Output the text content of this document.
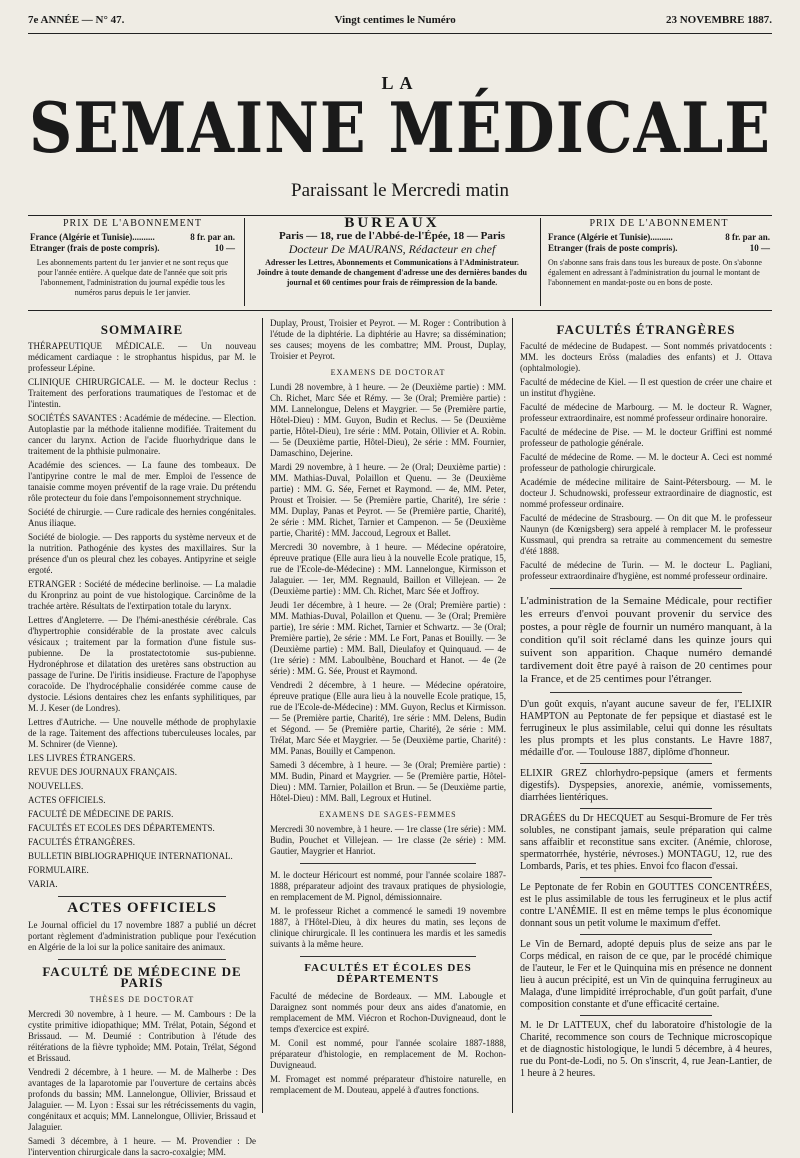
7e ANNÉE — N° 47.	Vingt centimes le Numéro	23 NOVEMBRE 1887.
LA
SEMAINE MÉDICALE
Paraissant le Mercredi matin
PRIX DE L'ABONNEMENT
France (Algérie et Tunisie)..........	8 fr. par an.
Etranger (frais de poste compris).	10 —
Les abonnements partent du 1er janvier et ne sont reçus que pour l'année entière. A quelque date de l'année que soit pris l'abonnement, l'administration du journal expédie tous les numéros parus depuis le 1er janvier.
BUREAUX
Paris — 18, rue de l'Abbé-de-l'Épée, 18 — Paris
Docteur De MAURANS, Rédacteur en chef
Adresser les Lettres, Abonnements et Communications à l'Administrateur.
Joindre à toute demande de changement d'adresse une des dernières bandes du journal et 60 centimes pour frais de réimpression de la bande.
PRIX DE L'ABONNEMENT
France (Algérie et Tunisie)..........	8 fr. par an.
Etranger (frais de poste compris).	10 —
On s'abonne sans frais dans tous les bureaux de poste. On s'abonne également en adressant à l'administration du journal le montant de l'abonnement en mandat-poste ou en bons de poste.
SOMMAIRE

THÉRAPEUTIQUE MÉDICALE. — Un nouveau médicament cardiaque : le strophantus hispidus, par M. le professeur Lépine.

CLINIQUE CHIRURGICALE. — M. le docteur Reclus : Traitement des perforations traumatiques de l'estomac et de l'intestin.

SOCIÉTÉS SAVANTES : Académie de médecine. — Election. Autoplastie par la méthode italienne modifiée. Traitement du cancer du larynx. Action de l'acide fluorhydrique dans le traitement de la phthisie pulmonaire.

Académie des sciences. — La faune des tombeaux. De l'antipyrine contre le mal de mer. Emploi de l'essence de tanaisie comme moyen préventif de la rage vraie. Du prétendu rôle protecteur du foie dans l'empoisonnement strychnique.

Société de chirurgie. — Cure radicale des hernies congénitales. Anus iliaque.

Société de biologie. — Des rapports du système nerveux et de la nutrition. Pathogénie des kystes des maxillaires. Sur la présence d'un os pleural chez les cobayes. Antipyrine et seigle ergoté.

ETRANGER : Société de médecine berlinoise. — La maladie du Kronprinz au point de vue histologique. Carcinôme de la trachée artère. Résultats de l'extirpation totale du larynx.

Lettres d'Angleterre. — De l'hémi-anesthésie cérébrale. Cas d'hypertrophie considérable de la prostate avec calculs vésicaux ; traitement par la formation d'une fistule sus-pubienne. De la prostatectotomie sus-pubienne. Hydronéphrose et dilatation des uretères sans obstruction au passage de l'urine. De l'iritis insidieuse. Fracture de l'apophyse coracoïde. De l'hydrocéphalie considérée comme cause de dystocie. Lésions dentaires chez les enfants syphilitiques, par M. J. Keser (de Londres).

Lettres d'Autriche. — Une nouvelle méthode de prophylaxie de la rage. Taitement des affections tuberculeuses locales, par M. Schnirer (de Vienne).

LES LIVRES ÉTRANGERS.

REVUE DES JOURNAUX FRANÇAIS.

NOUVELLES.

ACTES OFFICIELS.

FACULTÉ DE MÉDECINE DE PARIS.

FACULTÉS ET ECOLES DES DÉPARTEMENTS.

FACULTÉS ÉTRANGÈRES.

BULLETIN BIBLIOGRAPHIQUE INTERNATIONAL.

FORMULAIRE.

VARIA.

ACTES OFFICIELS

Le Journal officiel du 17 novembre 1887 a publié un décret portant règlement d'administration publique pour l'exécution en Algérie de la loi sur la police sanitaire des animaux.

FACULTÉ DE MÉDECINE DE PARIS
THÈSES DE DOCTORAT

Mercredi 30 novembre, à 1 heure. — M. Cambours : De la cystite primitive idiopathique; MM. Trélat, Potain, Ségond et Brissaud. — M. Deumié : Contribution à l'étude des réitérations de la fièvre typhoïde; MM. Potain, Trélat, Ségond et Brissaud.

Vendredi 2 décembre, à 1 heure. — M. de Malherbe : Des avantages de la laparotomie par l'ouverture de certains abcès profonds du bassin; MM. Lannelongue, Ollivier, Brissaud et Jalaguier. — M. Lyon : Essai sur les rétrécissements du vagin, congénitaux et acquis; MM. Lannelongue, Ollivier, Brissaud et Jalaguier.

Samedi 3 décembre, à 1 heure. — M. Provendier : De l'intervention chirurgicale dans la sacro-coxalgie; MM.

Duplay, Proust, Troisier et Peyrot. — M. Roger : Contribution à l'étude de la diphtérie. La diphtérie au Havre; sa dissémination; ses causes; moyens de les combattre; MM. Proust, Duplay, Troisier et Peyrot.

EXAMENS DE DOCTORAT

Lundi 28 novembre, à 1 heure. — 2e (Deuxième partie) : MM. Ch. Richet, Marc Sée et Rémy. — 3e (Oral; Première partie) : MM. Lannelongue, Delens et Maygrier. — 5e (Première partie, Hôtel-Dieu) : MM. Guyon, Budin et Reclus. — 5e (Deuxième partie, Hôtel-Dieu), 1re série : MM. Potain, Ollivier et A. Robin. — 5e (Deuxième partie, Hôtel-Dieu), 2e série : MM. Fournier, Damaschino, Dejerine.

Mardi 29 novembre, à 1 heure. — 2e (Oral; Deuxième partie) : MM. Mathias-Duval, Polaillon et Quenu. — 3e (Deuxième partie) : MM. G. Sée, Fernet et Raymond. — 4e, MM. Peter, Proust et Troisier. — 5e (Première partie, Charité), 1re série : MM. Duplay, Panas et Peyrot. — 5e (Première partie, Charité), 2e série : MM. Richet, Tarnier et Campenon. — 5e (Deuxième partie, Charité) : MM. Jaccoud, Legroux et Ballet.

Mercredi 30 novembre, à 1 heure. — Médecine opératoire, épreuve pratique (Elle aura lieu à la nouvelle Ecole pratique, 15, rue de l'Ecole-de-Médecine) : MM. Lannelongue, Kirmisson et Jalaguier. — 1er, MM. Regnauld, Baillon et Villejean. — 2e (Deuxième partie) : MM. Ch. Richet, Marc Sée et Joffroy.

Jeudi 1er décembre, à 1 heure. — 2e (Oral; Première partie) : MM. Mathias-Duval, Polaillon et Quenu. — 3e (Oral; Première partie), 1re série : MM. Richet, Tarnier et Schwartz. — 3e (Oral; Première partie), 2e série : MM. Le Fort, Panas et Bouilly. — 3e (Deuxième partie) : MM. Ball, Dieulafoy et Quinquaud. — 4e (1re série) : MM. Laboulbène, Bouchard et Hanot. — 4e (2e série) : MM. G. Sée, Proust et Raymond.

Vendredi 2 décembre, à 1 heure. — Médecine opératoire, épreuve pratique (Elle aura lieu à la nouvelle Ecole pratique, 15, rue de l'Ecole-de-Médecine) : MM. Guyon, Reclus et Kirmisson. — 5e (Première partie, Charité), 1re série : MM. Delens, Budin et Ségond. — 5e (Première partie, Charité), 2e série : MM. Trélat, Marc Sée et Maygrier. — 5e (Deuxième partie, Charité) : MM. Panas, Bouilly et Campenon.

Samedi 3 décembre, à 1 heure. — 3e (Oral; Première partie) : MM. Budin, Pinard et Maygrier. — 5e (Première partie, Hôtel-Dieu) : MM. Tarnier, Polaillon et Brun. — 5e (Deuxième partie, Hôtel-Dieu) : MM. Ball, Legroux et Hutinel.

EXAMENS DE SAGES-FEMMES

Mercredi 30 novembre, à 1 heure. — 1re classe (1re série) : MM. Budin, Pouchet et Villejean. — 1re classe (2e série) : MM. Gautier, Maygrier et Hanriot.

M. le docteur Héricourt est nommé, pour l'année scolaire 1887-1888, préparateur adjoint des travaux pratiques de physiologie, en remplacement de M. Pignol, démissionnaire.

M. le professeur Richet a commencé le samedi 19 novembre 1887, à l'Hôtel-Dieu, à dix heures du matin, ses leçons de clinique chirurgicale. Il les continuera les mardis et les samedis suivants à la même heure.

FACULTÉS ET ÉCOLES DES DÉPARTEMENTS

Faculté de médecine de Bordeaux. — MM. Labougle et Daraignez sont nommés pour deux ans aides d'anatomie, en remplacement de MM. Viécron et Rochon-Duvigneaud, dont le temps d'exercice est expiré.

M. Conil est nommé, pour l'année scolaire 1887-1888, préparateur d'histologie, en remplacement de M. Rochon-Duvigneaud.

M. Fromaget est nommé préparateur d'histoire naturelle, en remplacement de M. Douteau, appelé à d'autres fonctions.

FACULTÉS ÉTRANGÈRES

Faculté de médecine de Budapest. — Sont nommés privatdocents : MM. les docteurs Eröss (maladies des enfants) et J. Ottava (ophtalmologie).

Faculté de médecine de Kiel. — Il est question de créer une chaire et un institut d'hygiène.

Faculté de médecine de Marbourg. — M. le docteur R. Wagner, professeur extraordinaire, est nommé professeur ordinaire honoraire.

Faculté de médecine de Pise. — M. le docteur Griffini est nommé professeur de pathologie générale.

Faculté de médecine de Rome. — M. le docteur A. Ceci est nommé professeur de pathologie chirurgicale.

Académie de médecine militaire de Saint-Pétersbourg. — M. le docteur J. Schudnowski, professeur extraordinaire de diagnostic, est nommé professeur ordinaire.

Faculté de médecine de Strasbourg. — On dit que M. le professeur Naunyn (de Kœnigsberg) sera appelé à remplacer M. le professeur Kussmaul, qui prendra sa retraite au commencement du semestre d'été 1888.

Faculté de médecine de Turin. — M. le docteur L. Pagliani, professeur extraordinaire d'hygiène, est nommé professeur ordinaire.

L'administration de la Semaine Médicale, pour rectifier les erreurs d'envoi pouvant provenir du service des postes, a pour règle de fournir un numéro manquant, à la condition qu'il soit réclamé dans les quinze jours qui suivent son apparition. Chaque numéro demandé tardivement doit être payé à raison de 20 centimes pour la France, et de 25 centimes pour l'étranger.

D'un goût exquis, n'ayant aucune saveur de fer, l'ELIXIR HAMPTON au Peptonate de fer pepsique et diastasé est le ferrugineux le plus assimilable, celui qui donne les résultats les plus prompts et les plus constants. Le Havre 1887, médaille d'or. — Toulouse 1887, diplôme d'honneur.

ELIXIR GREZ chlorhydro-pepsique (amers et ferments digestifs). Dyspepsies, anorexie, anémie, vomissements, diarrhées lientériques.

DRAGÉES du Dr HECQUET au Sesqui-Bromure de Fer très solubles, ne constipant jamais, seule préparation qui calme sans affaiblir et reconstitue sans exciter. (Anémie, chlorose, spermatorrhée, hystérie, névroses.) MONTAGU, 12, rue des Lombards, Paris, et tes phies. Envoi fco flacon d'essai.

Le Peptonate de fer Robin en GOUTTES CONCENTRÉES, est le plus assimilable de tous les ferrugineux et le plus actif contre L'ANÉMIE. Il est en même temps le plus économique donnant sous un petit volume le maximum d'effet.

Le Vin de Bernard, adopté depuis plus de seize ans par le Corps médical, en raison de ce que, par le procédé chimique de l'auteur, le Fer et le Quinquina mis en présence ne donnent lieu à aucun précipité, est un Vin de quinquina ferrugineux au Malaga, d'une limpidité irréprochable, d'un goût parfait, d'une composition constante et d'une efficacité certaine.

M. le Dr LATTEUX, chef du laboratoire d'histologie de la Charité, recommence son cours de Technique microscopique et de diagnostic histologique, le lundi 5 décembre, à 4 heures, rue du Pont-de-Lodi, no 5. On s'inscrit, 4, rue Jean-Lantier, de 1 heure à 2 heures.
